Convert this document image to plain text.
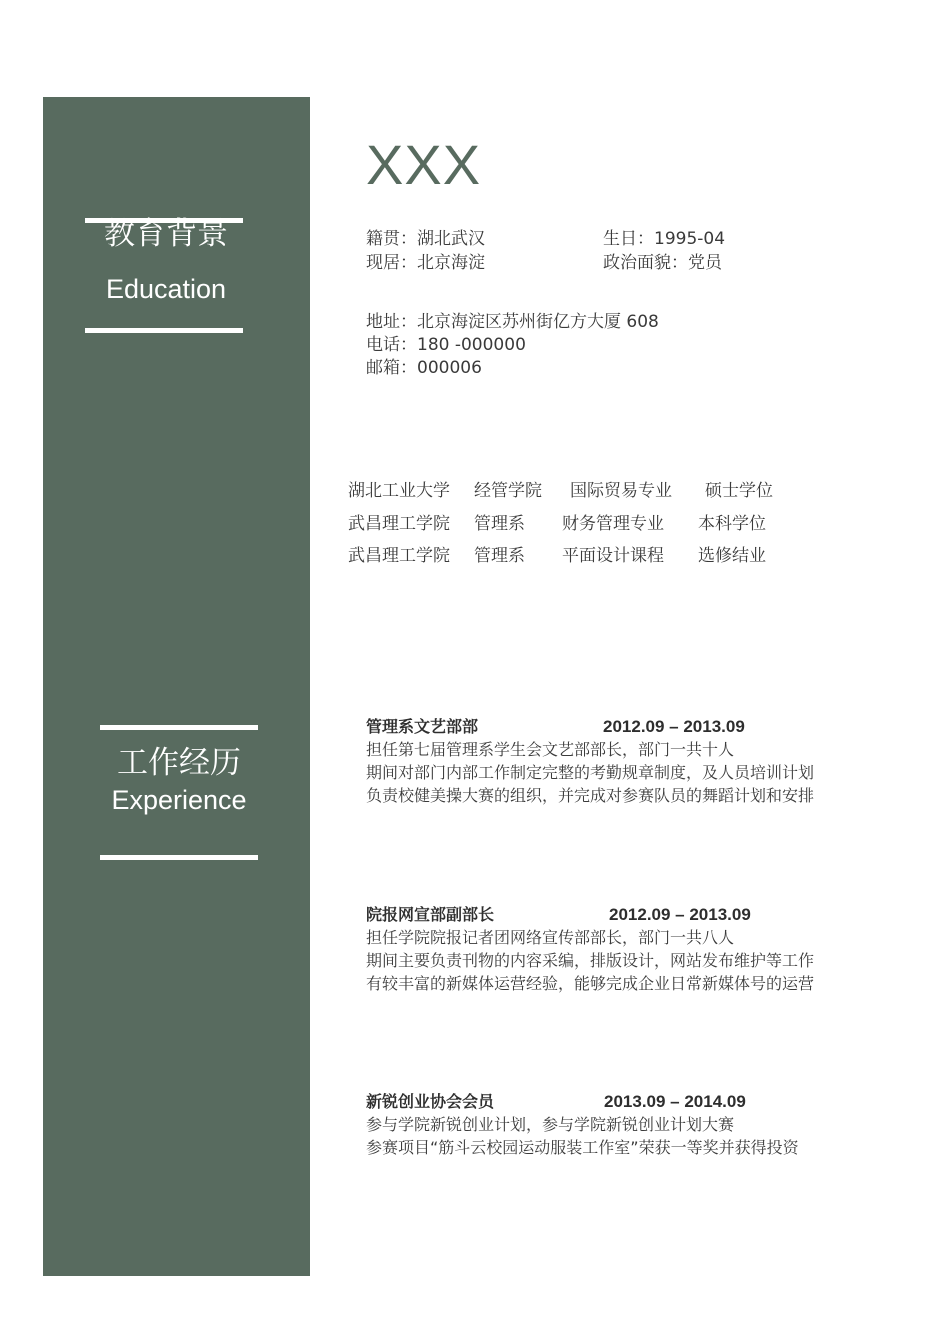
教育背景
Education
工作经历
Experience
XXX
籍贯：湖北武汉	生日：1995-04
现居：北京海淀	政治面貌：党员
地址：北京海淀区苏州街亿方大厦 608
电话：180 -000000
邮箱：000006
湖北工业大学 经管学院 国际贸易专业 硕士学位
武昌理工学院 管理系 财务管理专业 本科学位
武昌理工学院 管理系 平面设计课程 选修结业
管理系文艺部部	2012.09 – 2013.09
担任第七届管理系学生会文艺部部长，部门一共十人
期间对部门内部工作制定完整的考勤规章制度，及人员培训计划
负责校健美操大赛的组织，并完成对参赛队员的舞蹈计划和安排
院报网宣部副部长	2012.09 – 2013.09
担任学院院报记者团网络宣传部部长，部门一共八人
期间主要负责刊物的内容采编，排版设计，网站发布维护等工作
有较丰富的新媒体运营经验，能够完成企业日常新媒体号的运营
新锐创业协会会员	2013.09 – 2014.09
参与学院新锐创业计划，参与学院新锐创业计划大赛
参赛项目“筋斗云校园运动服装工作室”荣获一等奖并获得投资
